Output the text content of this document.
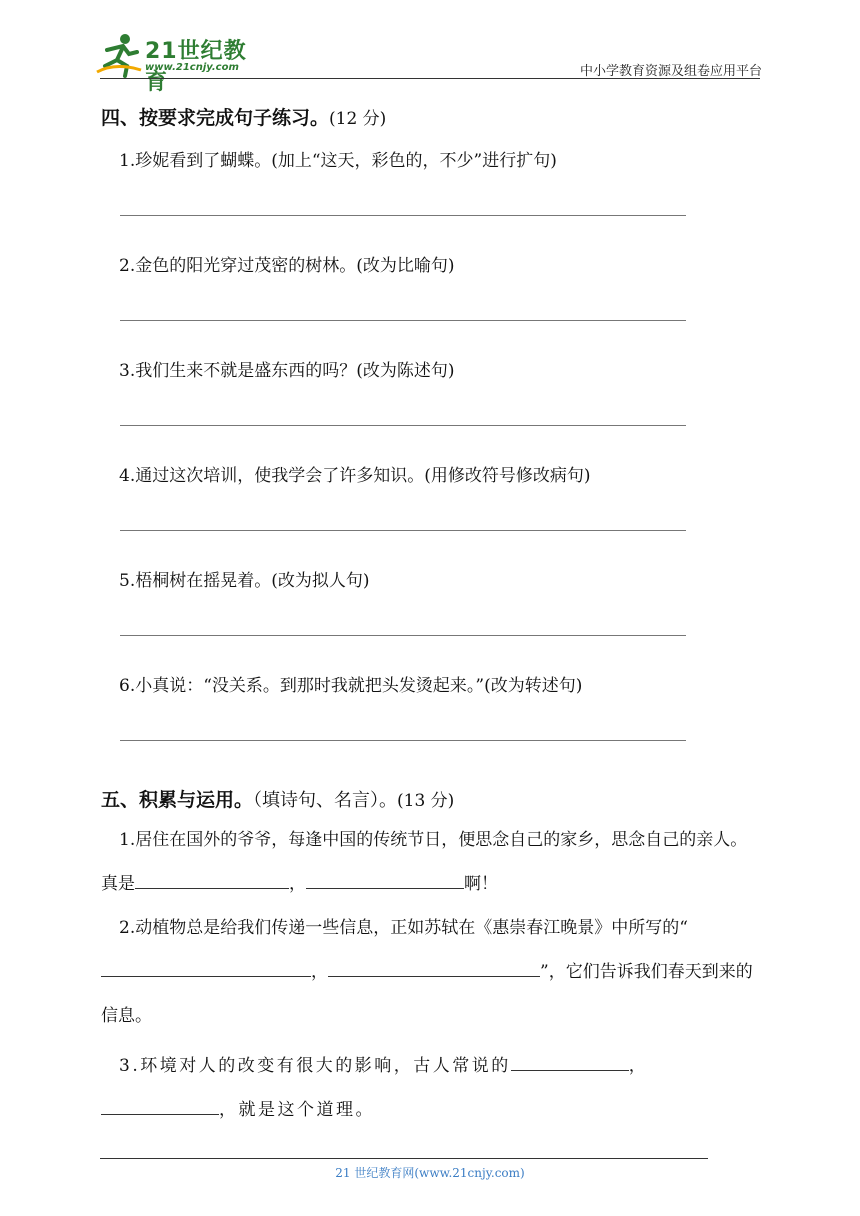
21世纪教育
www.21cnjy.com	中小学教育资源及组卷应用平台
四、按要求完成句子练习。(12 分)
1.珍妮看到了蝴蝶。(加上“这天，彩色的，不少”进行扩句)
2.金色的阳光穿过茂密的树林。(改为比喻句)
3.我们生来不就是盛东西的吗？(改为陈述句)
4.通过这次培训，使我学会了许多知识。(用修改符号修改病句)
5.梧桐树在摇晃着。(改为拟人句)
6.小真说：“没关系。到那时我就把头发烫起来。”(改为转述句)
五、积累与运用。（填诗句、名言）。(13 分)
1.居住在国外的爷爷，每逢中国的传统节日，便思念自己的家乡，思念自己的亲人。真是	，	啊！
2.动植物总是给我们传递一些信息，正如苏轼在《惠崇春江晚景》中所写的“，	”，它们告诉我们春天到来的信息。
3.环境对人的改变有很大的影响，古人常说的	，，就是这个道理。
21 世纪教育网(www.21cnjy.com)
